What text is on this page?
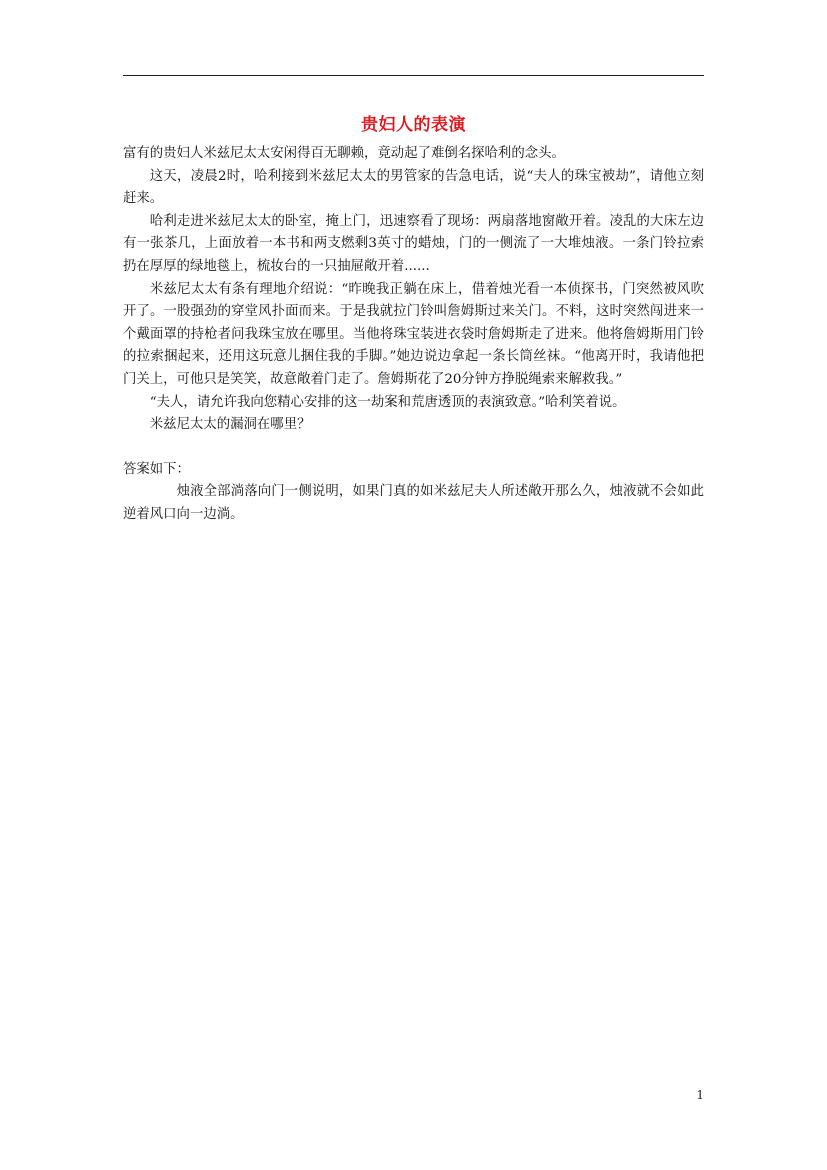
贵妇人的表演

富有的贵妇人米兹尼太太安闲得百无聊赖，竟动起了难倒名探哈利的念头。

这天，凌晨2时，哈利接到米兹尼太太的男管家的告急电话，说“夫人的珠宝被劫”，请他立刻赶来。

哈利走进米兹尼太太的卧室，掩上门，迅速察看了现场：两扇落地窗敞开着。凌乱的大床左边有一张茶几，上面放着一本书和两支燃剩3英寸的蜡烛，门的一侧流了一大堆烛液。一条门铃拉索扔在厚厚的绿地毯上，梳妆台的一只抽屉敞开着......

米兹尼太太有条有理地介绍说：“昨晚我正躺在床上，借着烛光看一本侦探书，门突然被风吹开了。一股强劲的穿堂风扑面而来。于是我就拉门铃叫詹姆斯过来关门。不料，这时突然闯进来一个戴面罩的持枪者问我珠宝放在哪里。当他将珠宝装进衣袋时詹姆斯走了进来。他将詹姆斯用门铃的拉索捆起来，还用这玩意儿捆住我的手脚。”她边说边拿起一条长筒丝袜。“他离开时，我请他把门关上，可他只是笑笑，故意敞着门走了。詹姆斯花了20分钟方挣脱绳索来解救我。”

“夫人，请允许我向您精心安排的这一劫案和荒唐透顶的表演致意。”哈利笑着说。

米兹尼太太的漏洞在哪里？

答案如下：

烛液全部淌落向门一侧说明，如果门真的如米兹尼夫人所述敞开那么久，烛液就不会如此逆着风口向一边淌。

1
